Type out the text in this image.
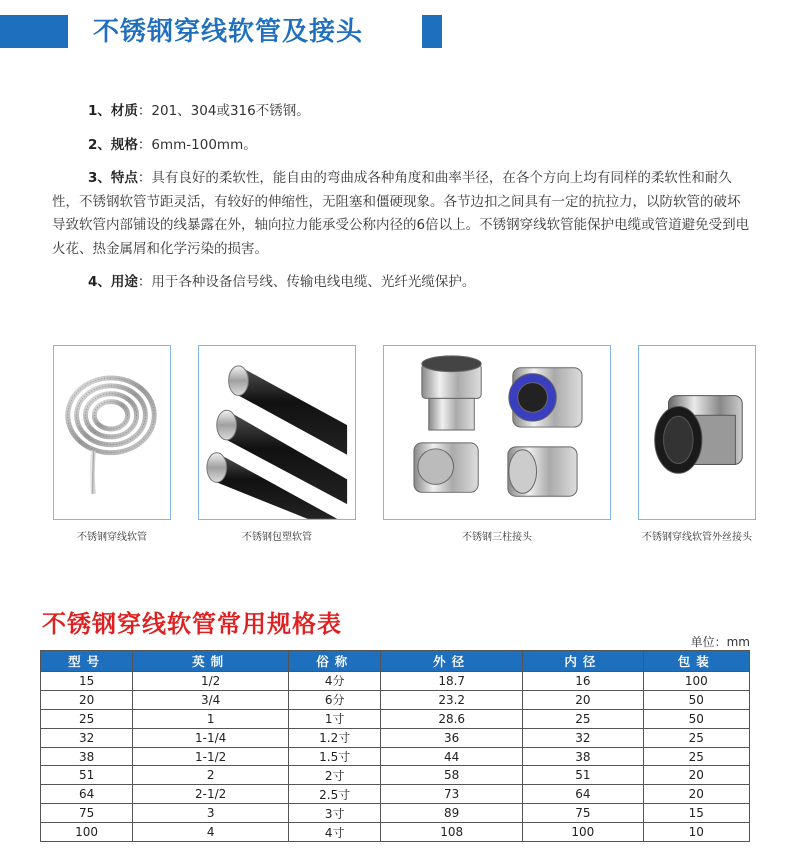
不锈钢穿线软管及接头

1、材质：201、304或316不锈钢。

2、规格：6mm-100mm。

3、特点：具有良好的柔软性，能自由的弯曲成各种角度和曲率半径，在各个方向上均有同样的柔软性和耐久性，不锈钢软管节距灵活，有较好的伸缩性，无阻塞和僵硬现象。各节边扣之间具有一定的抗拉力，以防软管的破坏导致软管内部铺设的线暴露在外，轴向拉力能承受公称内径的6倍以上。不锈钢穿线软管能保护电缆或管道避免受到电火花、热金属屑和化学污染的损害。

4、用途：用于各种设备信号线、传输电线电缆、光纤光缆保护。

不锈钢穿线软管	不锈钢包塑软管	不锈钢三柱接头	不锈钢穿线软管外丝接头
不锈钢穿线软管常用规格表
单位：mm
型号	英制	俗称	外径	内径	包装
15	1/2	4分	18.7	16	100
20	3/4	6分	23.2	20	50
25	1	1寸	28.6	25	50
32	1-1/4	1.2寸	36	32	25
38	1-1/2	1.5寸	44	38	25
51	2	2寸	58	51	20
64	2-1/2	2.5寸	73	64	20
75	3	3寸	89	75	15
100	4	4寸	108	100	10
